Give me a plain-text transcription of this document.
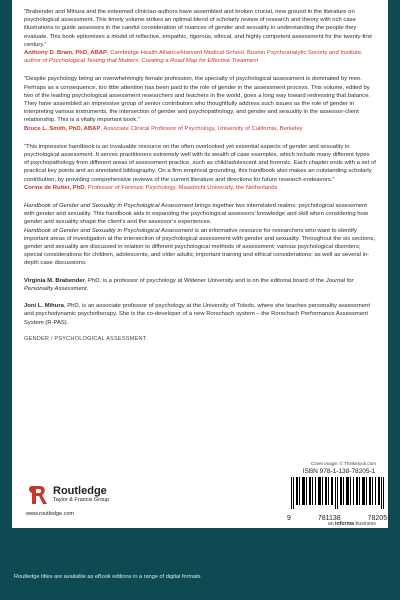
“Brabender and Mihura and the esteemed clinician-authors have assembled and broken crucial, new ground in the literature on psychological assessment. This timely volume strikes an optimal blend of scholarly review of research and theory with rich case illustrations to guide assessors in the careful consideration of nuances of gender and sexuality in understanding the people they evaluate. This book epitomizes a model of reflective, empathic, rigorous, ethical, and highly competent assessment for the twenty-first century.”

Anthony D. Bram, PhD, ABAP, Cambridge Health Alliance/Harvard Medical School, Boston Psychoanalytic Society and Institute, author of Psychological Testing that Matters: Creating a Road Map for Effective Treatment

“Despite psychology being an overwhelmingly female profession, the specialty of psychological assessment is dominated by men. Perhaps as a consequence, too little attention has been paid to the role of gender in the assessment process. This volume, edited by two of the leading psychological assessment researchers and teachers in the world, goes a long way toward redressing that balance. They have assembled an impressive group of senior contributors who thoughtfully address such issues as the role of gender in interpreting various instruments, the intersection of gender and psychopathology, and gender and sexuality in the assessor-client relationship. This is a vitally important book.”

Bruce L. Smith, PhD, ABAP, Associate Clinical Professor of Psychology, University of California, Berkeley

“This impressive handbook is an invaluable resource on the often overlooked yet essential aspects of gender and sexuality in psychological assessment. It serves practitioners extremely well with its wealth of case examples, which include many different types of psychopathology from different areas of assessment practice, such as child/adolescent and forensic. Each chapter ends with a set of practical key points and an annotated bibliography. On a firm empirical grounding, this handbook also makes an outstanding scholarly contribution, by providing comprehensive reviews of the current literature and directions for future research endeavors.”

Corine de Ruiter, PhD, Professor of Forensic Psychology, Maastricht University, the Netherlands

Handbook of Gender and Sexuality in Psychological Assessment brings together two interrelated realms: psychological assessment with gender and sexuality. This handbook aids in expanding the psychological assessors’ knowledge and skill when considering how gender and sexuality shape the client’s and the assessor’s experiences.
Handbook of Gender and Sexuality in Psychological Assessment is an informative resource for researchers who want to identify important areas of investigation at the intersection of psychological assessment with gender and sexuality. Throughout the six sections, gender and sexuality are discussed in relation to different psychological methods of assessment; various psychological disorders; special considerations for children, adolescents, and older adults; important training and ethical considerations; as well as several in-depth case discussions.

Virginia M. Brabender, PhD, is a professor of psychology at Widener University and is on the editorial board of the Journal for Personality Assessment.

Joni L. Mihura, PhD, is an associate professor of psychology at the University of Toledo, where she teaches personality assessment and psychodynamic psychotherapy. She is the co-developer of a new Rorschach system – the Rorschach Performance Assessment System (R-PAS).

GENDER / PSYCHOLOGICAL ASSESSMENT

Cover image: © Thinkstock.com
Routledge
Taylor & Francis Group
www.routledge.com
ISBN 978-1-138-78205-1
9	781138	782051
an informa business
Routledge titles are available as eBook editions in a range of digital formats
